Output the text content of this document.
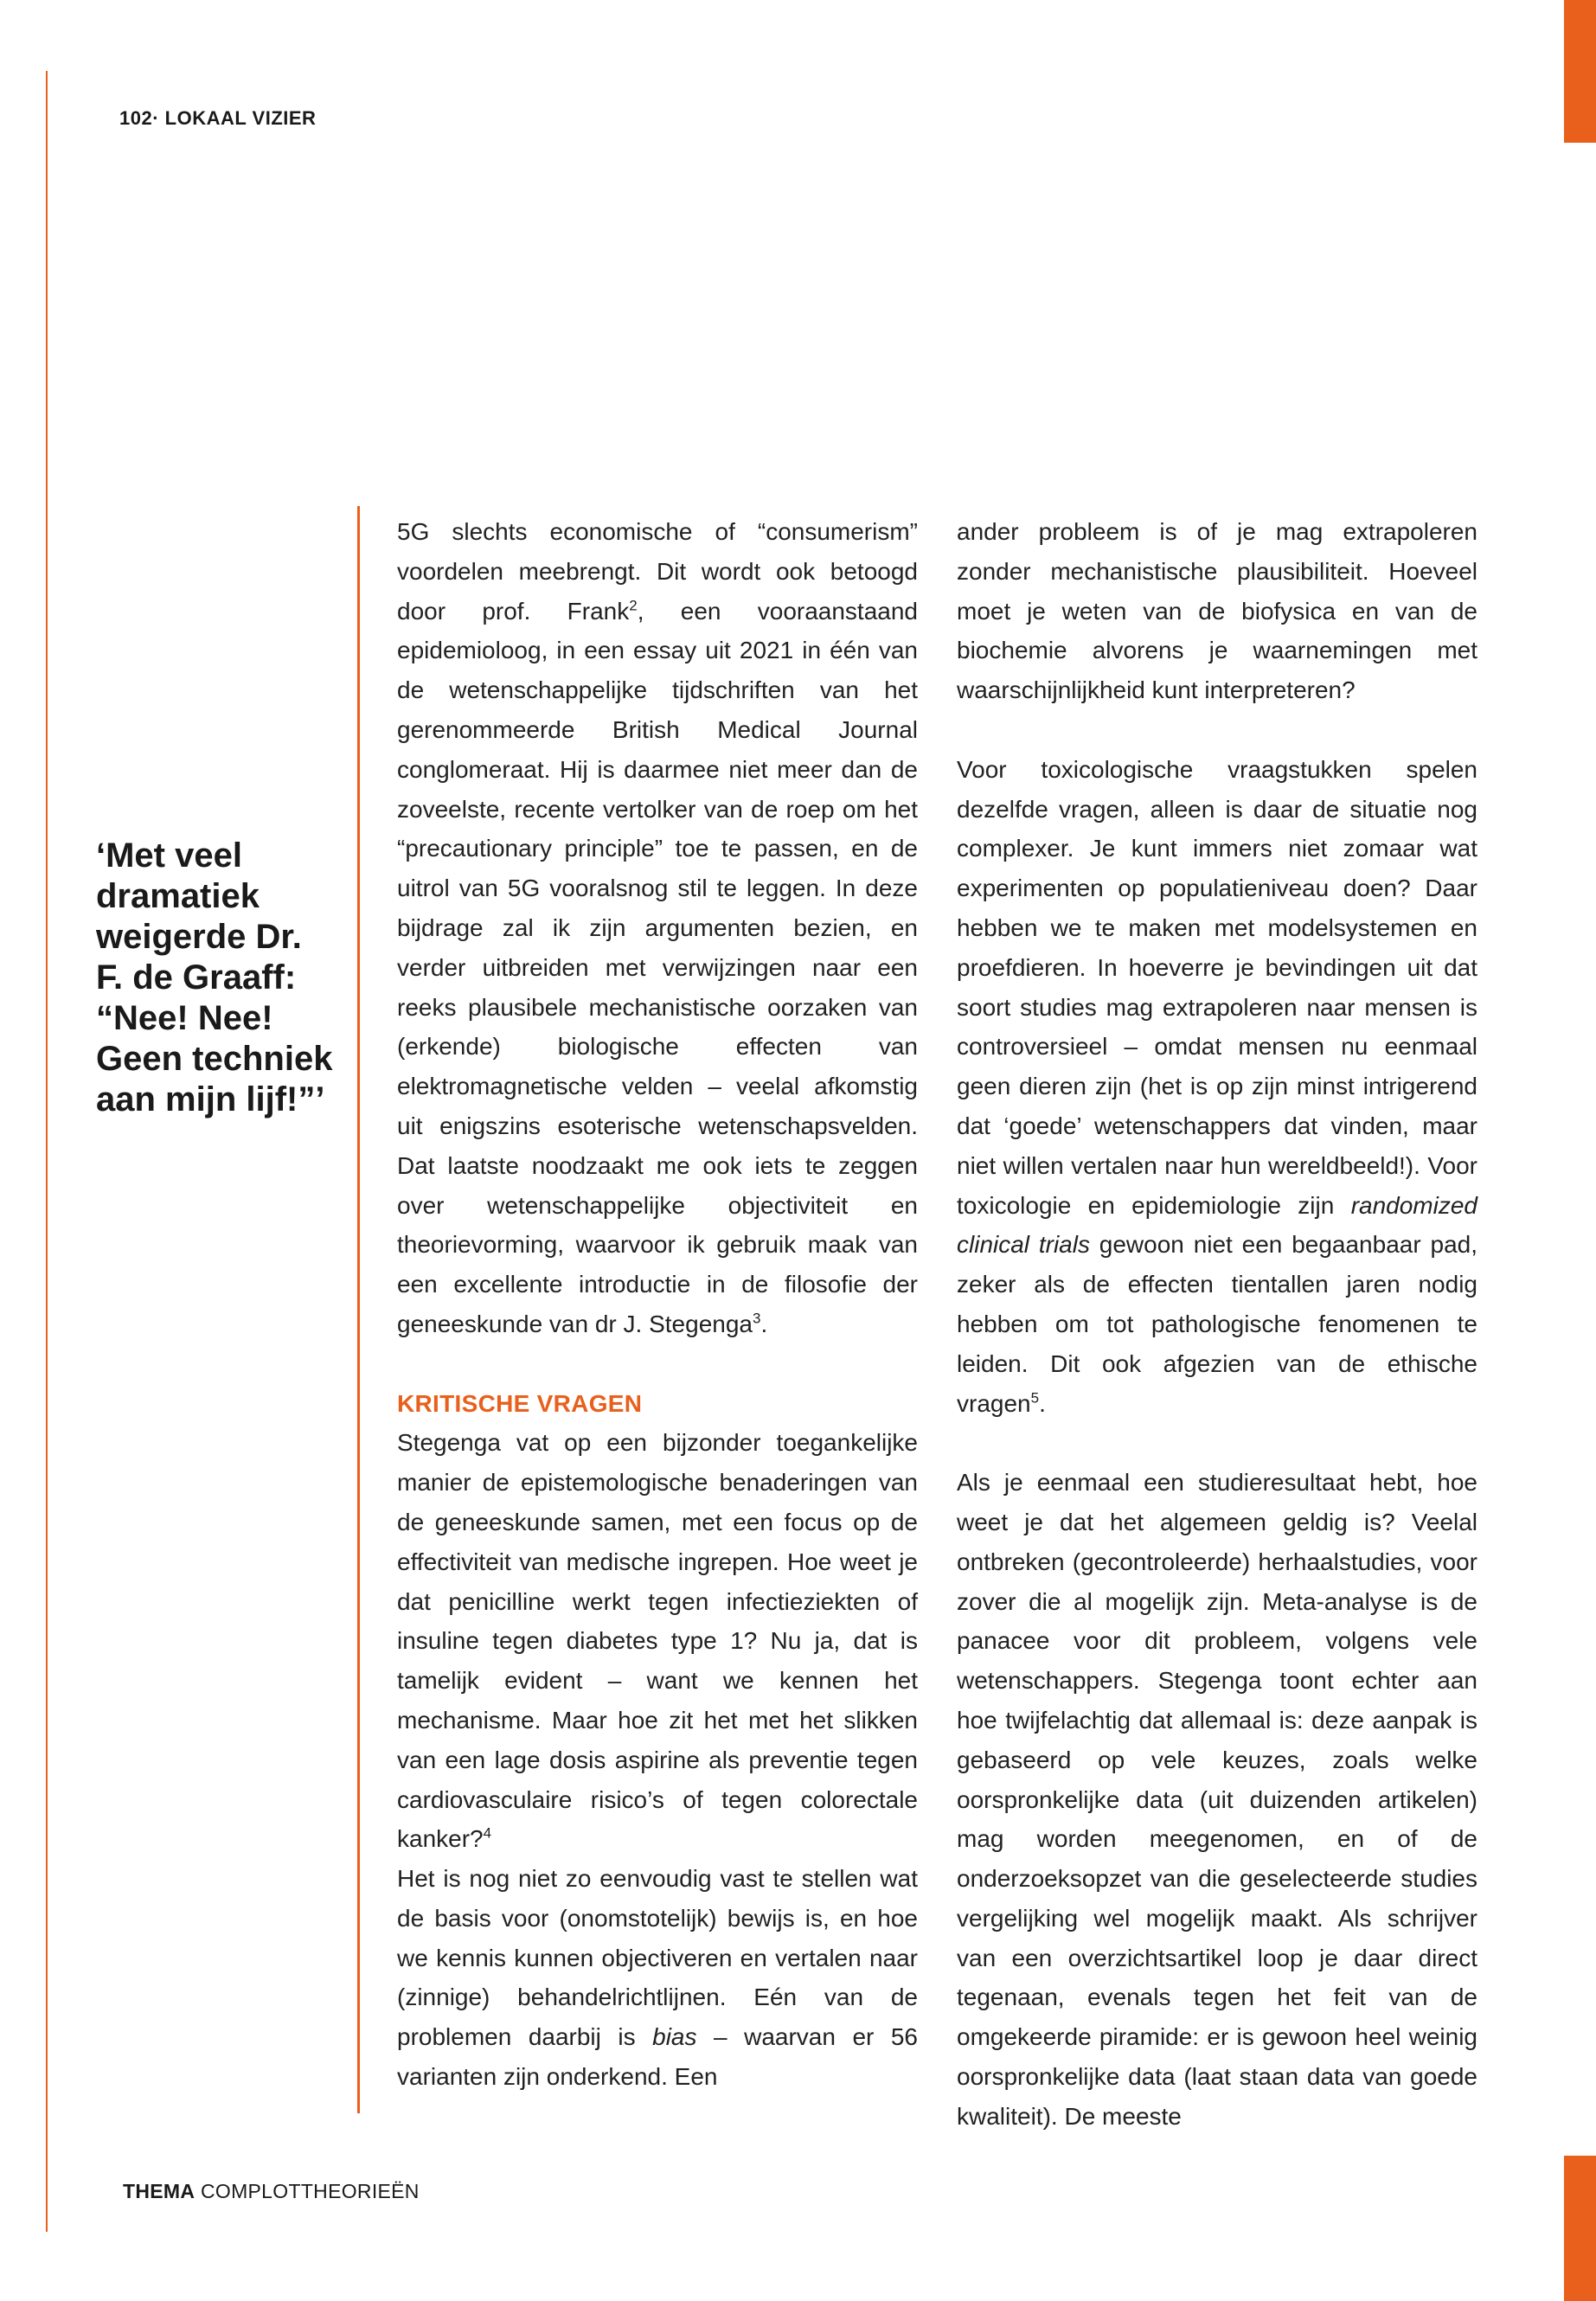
102· LOKAAL VIZIER

‘Met veel dramatiek weigerde Dr. F. de Graaff: “Nee! Nee! Geen techniek aan mijn lijf!”’

5G slechts economische of “consumerism” voordelen meebrengt. Dit wordt ook betoogd door prof. Frank$^2$, een vooraanstaand epidemioloog, in een essay uit 2021 in één van de wetenschappelijke tijdschriften van het gerenommeerde British Medical Journal conglomeraat. Hij is daarmee niet meer dan de zoveelste, recente vertolker van de roep om het “precautionary principle” toe te passen, en de uitrol van 5G vooralsnog stil te leggen. In deze bijdrage zal ik zijn argumenten bezien, en verder uitbreiden met verwijzingen naar een reeks plausibele mechanistische oorzaken van (erkende) biologische effecten van elektromagnetische velden – veelal afkomstig uit enigszins esoterische wetenschapsvelden. Dat laatste noodzaakt me ook iets te zeggen over wetenschappelijke objectiviteit en theorievorming, waarvoor ik gebruik maak van een excellente introductie in de filosofie der geneeskunde van dr J. Stegenga$^3$.

KRITISCHE VRAGEN

Stegenga vat op een bijzonder toegankelijke manier de epistemologische benaderingen van de geneeskunde samen, met een focus op de effectiviteit van medische ingrepen. Hoe weet je dat penicilline werkt tegen infectieziekten of insuline tegen diabetes type 1? Nu ja, dat is tamelijk evident – want we kennen het mechanisme. Maar hoe zit het met het slikken van een lage dosis aspirine als preventie tegen cardiovasculaire risico’s of tegen colorectale kanker?$^4$

Het is nog niet zo eenvoudig vast te stellen wat de basis voor (onomstotelijk) bewijs is, en hoe we kennis kunnen objectiveren en vertalen naar (zinnige) behandelrichtlijnen. Eén van de problemen daarbij is bias – waarvan er 56 varianten zijn onderkend. Een

ander probleem is of je mag extrapoleren zonder mechanistische plausibiliteit. Hoeveel moet je weten van de biofysica en van de biochemie alvorens je waarnemingen met waarschijnlijkheid kunt interpreteren?

Voor toxicologische vraagstukken spelen dezelfde vragen, alleen is daar de situatie nog complexer. Je kunt immers niet zomaar wat experimenten op populatieniveau doen? Daar hebben we te maken met modelsystemen en proefdieren. In hoeverre je bevindingen uit dat soort studies mag extrapoleren naar mensen is controversieel – omdat mensen nu eenmaal geen dieren zijn (het is op zijn minst intrigerend dat ‘goede’ wetenschappers dat vinden, maar niet willen vertalen naar hun wereldbeeld!). Voor toxicologie en epidemiologie zijn randomized clinical trials gewoon niet een begaanbaar pad, zeker als de effecten tientallen jaren nodig hebben om tot pathologische fenomenen te leiden. Dit ook afgezien van de ethische vragen$^5$.

Als je eenmaal een studieresultaat hebt, hoe weet je dat het algemeen geldig is? Veelal ontbreken (gecontroleerde) herhaalstudies, voor zover die al mogelijk zijn. Meta-analyse is de panacee voor dit probleem, volgens vele wetenschappers. Stegenga toont echter aan hoe twijfelachtig dat allemaal is: deze aanpak is gebaseerd op vele keuzes, zoals welke oorspronkelijke data (uit duizenden artikelen) mag worden meegenomen, en of de onderzoeksopzet van die geselecteerde studies vergelijking wel mogelijk maakt. Als schrijver van een overzichtsartikel loop je daar direct tegenaan, evenals tegen het feit van de omgekeerde piramide: er is gewoon heel weinig oorspronkelijke data (laat staan data van goede kwaliteit). De meeste

THEMA COMPLOTTHEORIEËN
